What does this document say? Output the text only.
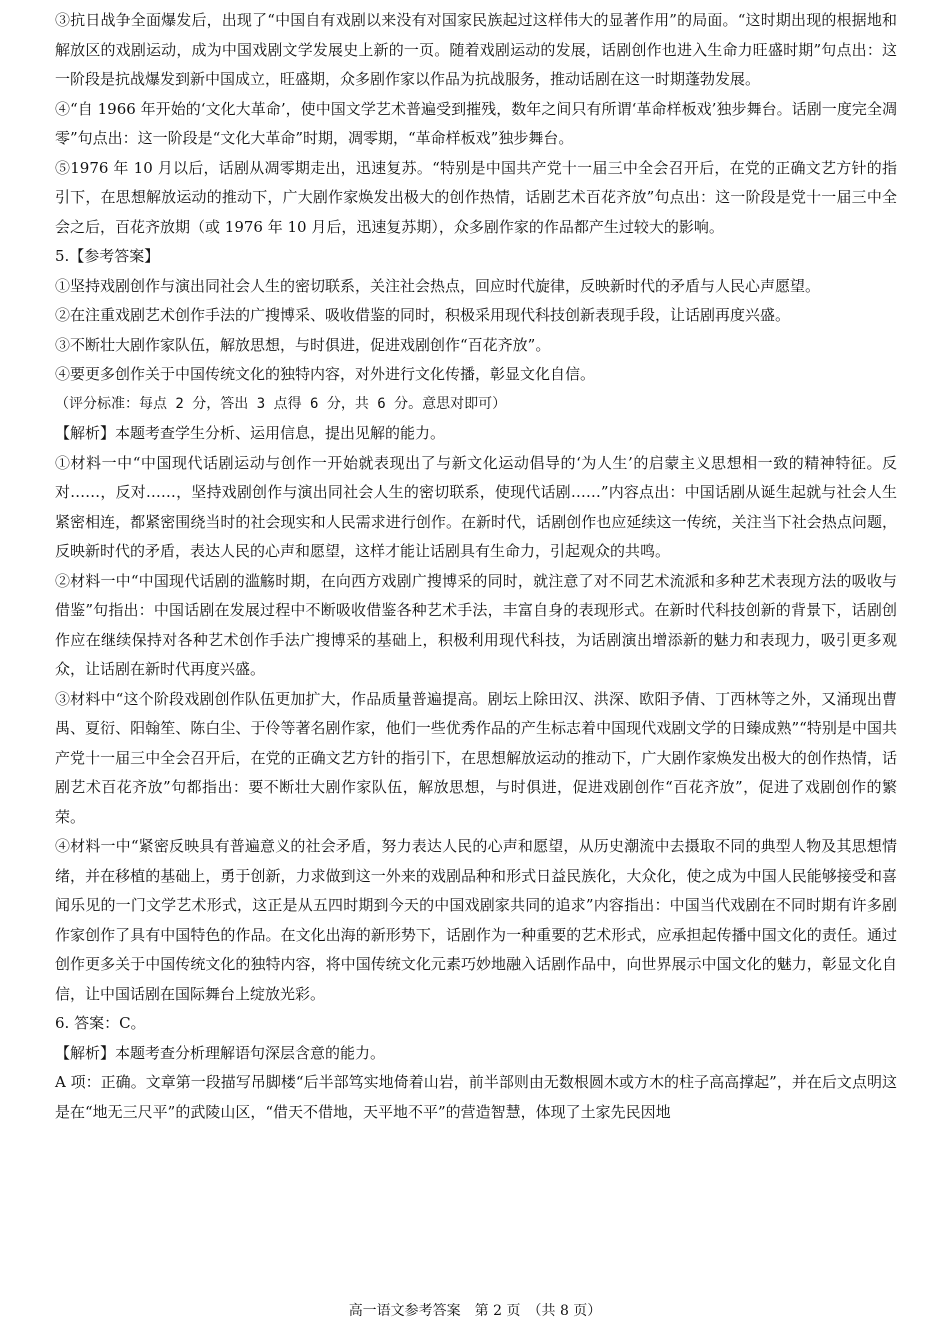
③抗日战争全面爆发后，出现了“中国自有戏剧以来没有对国家民族起过这样伟大的显著作用”的局面。“这时期出现的根据地和解放区的戏剧运动，成为中国戏剧文学发展史上新的一页。随着戏剧运动的发展，话剧创作也进入生命力旺盛时期”句点出：这一阶段是抗战爆发到新中国成立，旺盛期，众多剧作家以作品为抗战服务，推动话剧在这一时期蓬勃发展。

④“自 1966 年开始的‘文化大革命’，使中国文学艺术普遍受到摧残，数年之间只有所谓‘革命样板戏’独步舞台。话剧一度完全凋零”句点出：这一阶段是“文化大革命”时期，凋零期，“革命样板戏”独步舞台。

⑤1976 年 10 月以后，话剧从凋零期走出，迅速复苏。“特别是中国共产党十一届三中全会召开后，在党的正确文艺方针的指引下，在思想解放运动的推动下，广大剧作家焕发出极大的创作热情，话剧艺术百花齐放”句点出：这一阶段是党十一届三中全会之后，百花齐放期（或 1976 年 10 月后，迅速复苏期），众多剧作家的作品都产生过较大的影响。

5.【参考答案】

①坚持戏剧创作与演出同社会人生的密切联系，关注社会热点，回应时代旋律，反映新时代的矛盾与人民心声愿望。

②在注重戏剧艺术创作手法的广搜博采、吸收借鉴的同时，积极采用现代科技创新表现手段，让话剧再度兴盛。

③不断壮大剧作家队伍，解放思想，与时俱进，促进戏剧创作“百花齐放”。

④要更多创作关于中国传统文化的独特内容，对外进行文化传播，彰显文化自信。

（评分标准：每点 2 分，答出 3 点得 6 分，共 6 分。意思对即可）

【解析】本题考查学生分析、运用信息，提出见解的能力。

①材料一中“中国现代话剧运动与创作一开始就表现出了与新文化运动倡导的‘为人生’的启蒙主义思想相一致的精神特征。反对……，反对……，坚持戏剧创作与演出同社会人生的密切联系，使现代话剧……”内容点出：中国话剧从诞生起就与社会人生紧密相连，都紧密围绕当时的社会现实和人民需求进行创作。在新时代，话剧创作也应延续这一传统，关注当下社会热点问题，反映新时代的矛盾，表达人民的心声和愿望，这样才能让话剧具有生命力，引起观众的共鸣。

②材料一中“中国现代话剧的滥觞时期，在向西方戏剧广搜博采的同时，就注意了对不同艺术流派和多种艺术表现方法的吸收与借鉴”句指出：中国话剧在发展过程中不断吸收借鉴各种艺术手法，丰富自身的表现形式。在新时代科技创新的背景下，话剧创作应在继续保持对各种艺术创作手法广搜博采的基础上，积极利用现代科技，为话剧演出增添新的魅力和表现力，吸引更多观众，让话剧在新时代再度兴盛。

③材料中“这个阶段戏剧创作队伍更加扩大，作品质量普遍提高。剧坛上除田汉、洪深、欧阳予倩、丁西林等之外，又涌现出曹禺、夏衍、阳翰笙、陈白尘、于伶等著名剧作家，他们一些优秀作品的产生标志着中国现代戏剧文学的日臻成熟”“特别是中国共产党十一届三中全会召开后，在党的正确文艺方针的指引下，在思想解放运动的推动下，广大剧作家焕发出极大的创作热情，话剧艺术百花齐放”句都指出：要不断壮大剧作家队伍，解放思想，与时俱进，促进戏剧创作“百花齐放”，促进了戏剧创作的繁荣。

④材料一中“紧密反映具有普遍意义的社会矛盾，努力表达人民的心声和愿望，从历史潮流中去摄取不同的典型人物及其思想情绪，并在移植的基础上，勇于创新，力求做到这一外来的戏剧品种和形式日益民族化，大众化，使之成为中国人民能够接受和喜闻乐见的一门文学艺术形式，这正是从五四时期到今天的中国戏剧家共同的追求”内容指出：中国当代戏剧在不同时期有许多剧作家创作了具有中国特色的作品。在文化出海的新形势下，话剧作为一种重要的艺术形式，应承担起传播中国文化的责任。通过创作更多关于中国传统文化的独特内容，将中国传统文化元素巧妙地融入话剧作品中，向世界展示中国文化的魅力，彰显文化自信，让中国话剧在国际舞台上绽放光彩。

6. 答案：C。

【解析】本题考查分析理解语句深层含意的能力。

A 项：正确。文章第一段描写吊脚楼“后半部笃实地倚着山岩，前半部则由无数根圆木或方木的柱子高高撑起”，并在后文点明这是在“地无三尺平”的武陵山区，“借天不借地，天平地不平”的营造智慧，体现了土家先民因地

高一语文参考答案　第 2 页　（共 8 页）
